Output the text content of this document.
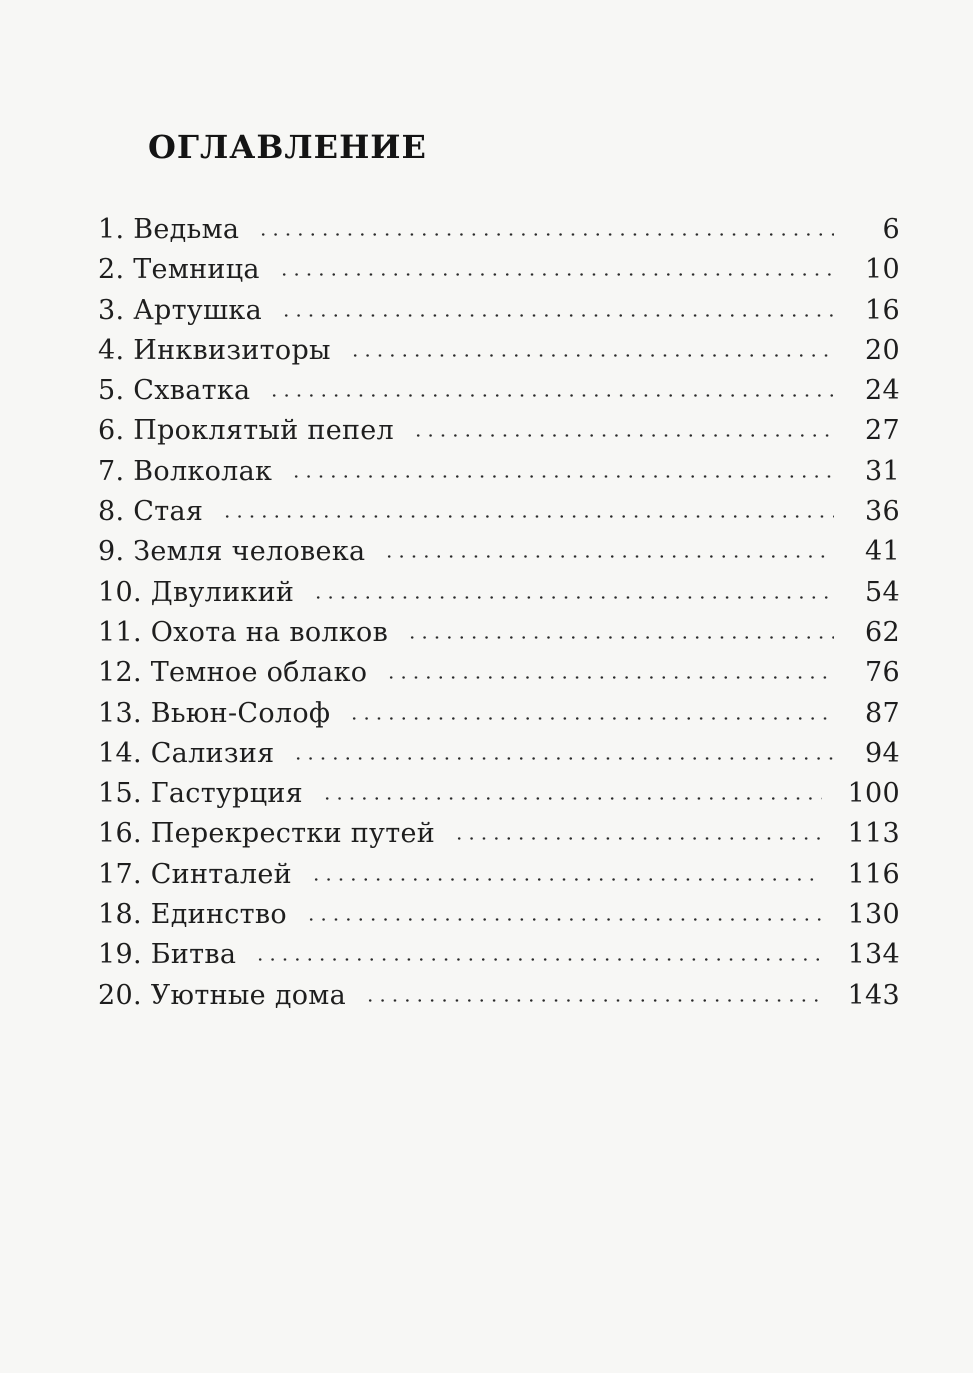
оглавление
1. Ведьма	6
2. Темница	10
3. Артушка	16
4. Инквизиторы	20
5. Схватка	24
6. Проклятый пепел	27
7. Волколак	31
8. Стая	36
9. Земля человека	41
10. Двуликий	54
11. Охота на волков	62
12. Темное облако	76
13. Вьюн-Солоф	87
14. Сализия	94
15. Гастурция	100
16. Перекрестки путей	113
17. Синталей	116
18. Единство	130
19. Битва	134
20. Уютные дома	143
